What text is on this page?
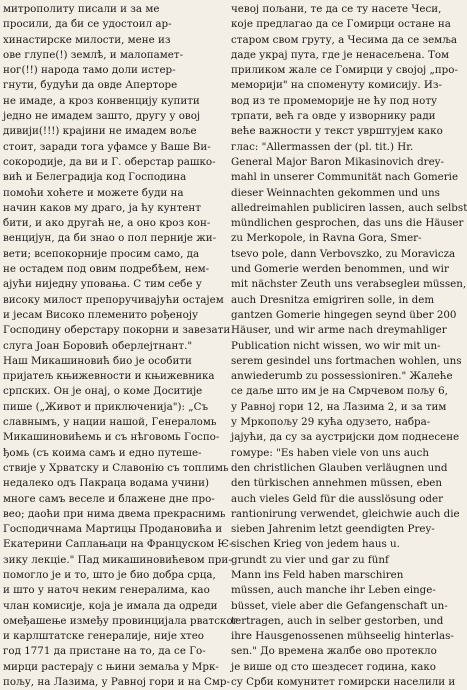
митрополиту писали и за ме
просили, да би се удостоил ар-
хинастирске милости, мене из
ове глупе(!) землѣ, и малопамет-
ног(!!) народа тамо доли истер-
гнути, будући да овде Аперторе
не имаде, а кроз конвенцију купити
једно не имадем зашто, другу у овој
дивији(!!!) крајини не имадем воље
стоит, заради тога уфамсе у Ваше Ви-
сокородије, да ви и Г. оберстар рашко-
вић и Белеградија код Господина
помоћи хоћете и можете буди на
начин каков му драго, ја ћу кунтент
бити, и ако другаћ не, а оно кроз кон-
венцијун, да би знао о пол перније жи-
вети; всепокорније просим само, да
не остадем под овим подребѣем, нем-
ајући ниједну уповања. С тим себе у
високу милост препоручивајући остајем
и јесам Високо племенито рођеноју
Господину оберстару покорни и завезати
слуга Јоан Боровић оберлејтнант."
Наш Микашиновић био је особити
пријатељ књижевности и књижевника
српских. Он је онај, о коме Доситије
пише („Живот и приключенија"): „Съ
славнымъ, у нации нашой, Генераломь
Микашиновићемь и съ нѣговомь Госпо-
ђомь (съ коима самъ и едно путеше-
ствије у Хрватску и Славонію съ топлимь
недалеко одъ Пакраца водама учини)
многе самъ веселе и блажене дне про-
вео; даоћи при нима двема прекраснимь
Господичнама Мартицы Продановића и
Екатерини Саплањаци на Француском Ѥ-
зику лекціе." Пад микашиновићевом при-
помогло је и то, што је био добра срца,
и што у наточ неким генералима, као
члан комисије, која је имала да одреди
омеђашење између провинцијала рватског
и карлштатске генералије, није хтео
год 1771 да пристане на то, да се Го-
мирци растерају с њини земаља у Мрк-
пољу, на Лазима, у Равној гори и на Смр-
чевој пољани, те да се ту насете Чеси,
које предлагао да се Гомирци остане на
старом свом груту, а Чесима да се земља
даде укpај пута, где је ненасељена. Том
приликом жале се Гомирци у својој „про-
меморији" на споменуту комисију. Из-
вод из те промеморије не ћу под ноту
трпати, већ га овде у изворнику ради
веће важности у текст уврштујем како
глас: "Allermassen der (pl. tit.) Hr.
General Major Baron Mikasinovich drey-
mahl in unserer Communität nach Gomerie
dieser Weinnachten gekommen und uns
alledreimahlen publiciren lassen, auch selbst
mündlichen gesprochen, das uns die Häuser
zu Merkopole, in Ravna Gora, Smer-
tsevo pole, dann Verbovszko, zu Moravicza
und Gomerie werden benommen, und wir
mit nächster Zeuth uns verabsegleи müssen,
auch Dresnitza emigriren solle, in dem
gantzen Gomerie hingegen seynd über 200
Häuser, und wir arme nach dreymahliger
Publication nicht wissen, wo wir mit un-
serem gesindel uns fortmachen wohlen, uns
anwiederumb zu possessioniren." Жалеће
се даље што им је на Смрчевом пољу 6,
у Равној гори 12, на Лазима 2, и за тим
у Мркопољу 29 кућа одузето, набра-
јајући, да су за аустријски дом поднесене
гомуре: "Es haben viele von uns auch
den christlichen Glauben verläugnen und
den türkischen annehmen müssen, eben
auch vieles Geld für die ausslösung oder
rantionirung verwendet, gleichwie auch die
sieben Jahrenim letzt geendigten Prey-
sischen Krieg von jedem haus u.
grundt zu vier und gar zu fünf
Mann ins Feld haben marschiren
müssen, auch manche ihr Leben einge-
büsset, viele aber die Gefangenschaft un-
tertragen, auch in selber gestorben, und
ihre Hausgenossenen mühseelig hinterlas-
sen." До времена жалбе ово протекло
је више од сто шездесет година, како
су Срби комунитет гомирски населили и
